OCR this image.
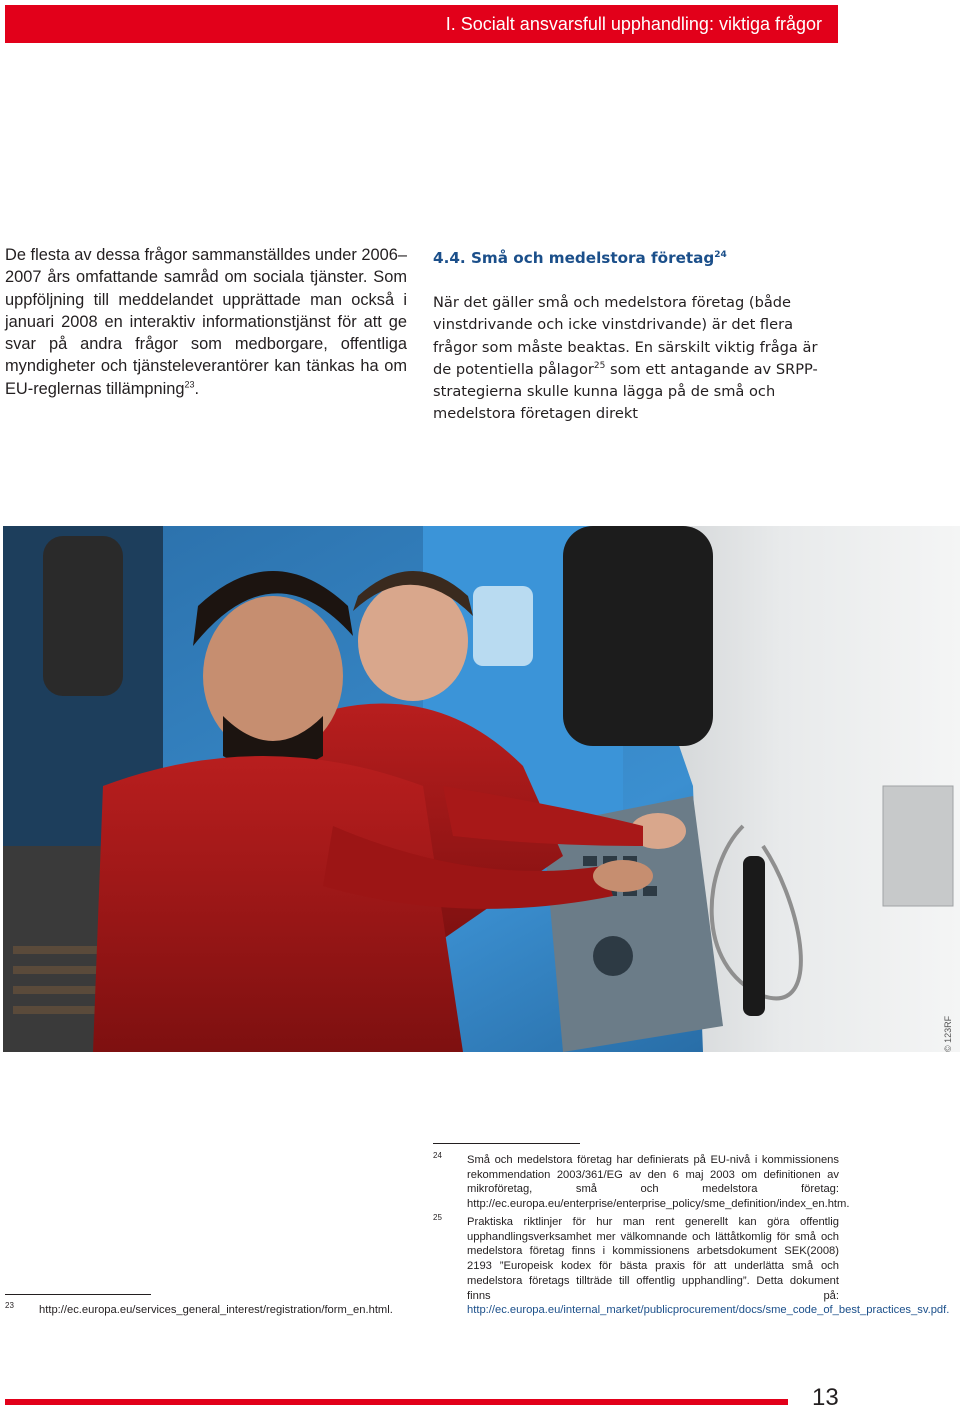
I. Socialt ansvarsfull upphandling: viktiga frågor
De flesta av dessa frågor sammanställdes under 2006–2007 års omfattande samråd om sociala tjänster. Som uppföljning till meddelandet upprättade man också i januari 2008 en interaktiv informationstjänst för att ge svar på andra frågor som medborgare, offentliga myndigheter och tjänsteleverantörer kan tänkas ha om EU-reglernas tillämpning$^{23}$.
4.4. Små och medelstora företag$^{24}$

När det gäller små och medelstora företag (både vinstdrivande och icke vinstdrivande) är det flera frågor som måste beaktas. En särskilt viktig fråga är de potentiella pålagor$^{25}$ som ett antagande av SRPP-strategierna skulle kunna lägga på de små och medelstora företagen direkt

© 123RF
24 Små och medelstora företag har definierats på EU-nivå i kommissionens rekommendation 2003/361/EG av den 6 maj 2003 om definitionen av mikroföretag, små och medelstora företag: http://ec.europa.eu/enterprise/enterprise_policy/sme_definition/index_en.htm.
25 Praktiska riktlinjer för hur man rent generellt kan göra offentlig upphandlingsverksamhet mer välkomnande och lättåtkomlig för små och medelstora företag finns i kommissionens arbetsdokument SEK(2008) 2193 ”Europeisk kodex för bästa praxis för att underlätta små och medelstora företags tillträde till offentlig upphandling”. Detta dokument finns på: http://ec.europa.eu/internal_market/publicprocurement/docs/sme_code_of_best_practices_sv.pdf.
23 http://ec.europa.eu/services_general_interest/registration/form_en.html.
13
